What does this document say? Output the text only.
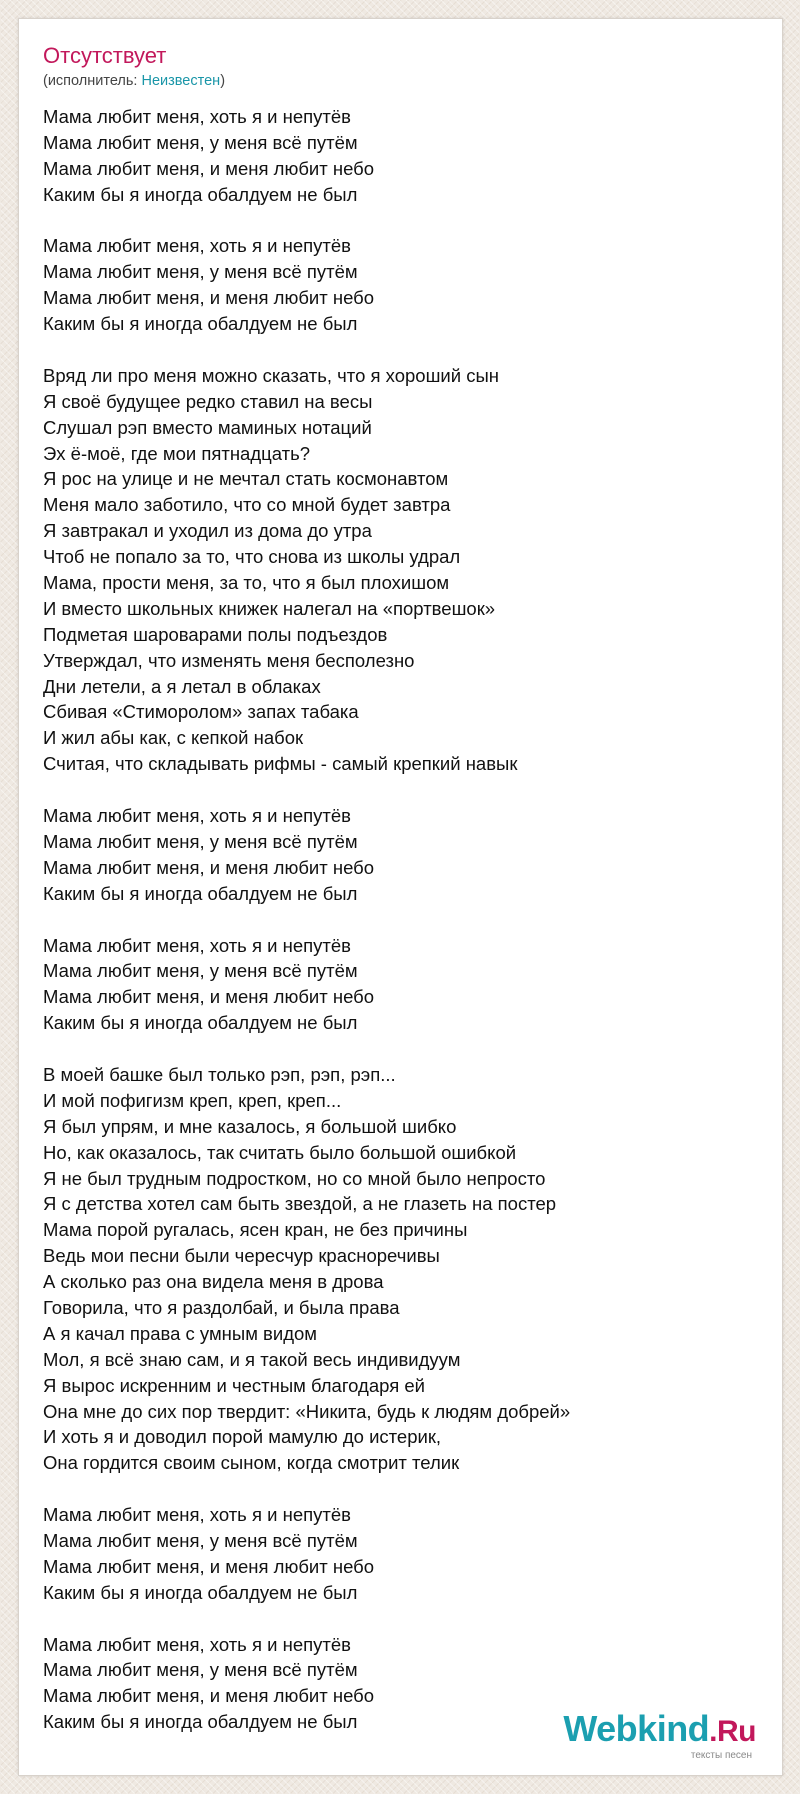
Отсутствует
(исполнитель: Неизвестен)
Мама любит меня, хоть я и непутёв
Мама любит меня, у меня всё путём
Мама любит меня, и меня любит небо
Каким бы я иногда обалдуем не был
Мама любит меня, хоть я и непутёв
Мама любит меня, у меня всё путём
Мама любит меня, и меня любит небо
Каким бы я иногда обалдуем не был
Вряд ли про меня можно сказать, что я хороший сын
Я своё будущее редко ставил на весы
Слушал рэп вместо маминых нотаций
Эх ё-моё, где мои пятнадцать?
Я рос на улице и не мечтал стать космонавтом
Меня мало заботило, что со мной будет завтра
Я завтракал и уходил из дома до утра
Чтоб не попало за то, что снова из школы удрал
Мама, прости меня, за то, что я был плохишом
И вместо школьных книжек налегал на «портвешок»
Подметая шароварами полы подъездов
Утверждал, что изменять меня бесполезно
Дни летели, а я летал в облаках
Сбивая «Стиморолом» запах табака
И жил абы как, с кепкой набок
Считая, что складывать рифмы - самый крепкий навык
Мама любит меня, хоть я и непутёв
Мама любит меня, у меня всё путём
Мама любит меня, и меня любит небо
Каким бы я иногда обалдуем не был
Мама любит меня, хоть я и непутёв
Мама любит меня, у меня всё путём
Мама любит меня, и меня любит небо
Каким бы я иногда обалдуем не был
В моей башке был только рэп, рэп, рэп...
И мой пофигизм креп, креп, креп...
Я был упрям, и мне казалось, я большой шибко
Но, как оказалось, так считать было большой ошибкой
Я не был трудным подростком, но со мной было непросто
Я с детства хотел сам быть звездой, а не глазеть на постер
Мама порой ругалась, ясен кран, не без причины
Ведь мои песни были чересчур красноречивы
А сколько раз она видела меня в дрова
Говорила, что я раздолбай, и была права
А я качал права с умным видом
Мол, я всё знаю сам, и я такой весь индивидуум
Я вырос искренним и честным благодаря ей
Она мне до сих пор твердит: «Никита, будь к людям добрей»
И хоть я и доводил порой мамулю до истерик,
Она гордится своим сыном, когда смотрит телик
Мама любит меня, хоть я и непутёв
Мама любит меня, у меня всё путём
Мама любит меня, и меня любит небо
Каким бы я иногда обалдуем не был
Мама любит меня, хоть я и непутёв
Мама любит меня, у меня всё путём
Мама любит меня, и меня любит небо
Каким бы я иногда обалдуем не был	Webkind.Ru
тексты песен
